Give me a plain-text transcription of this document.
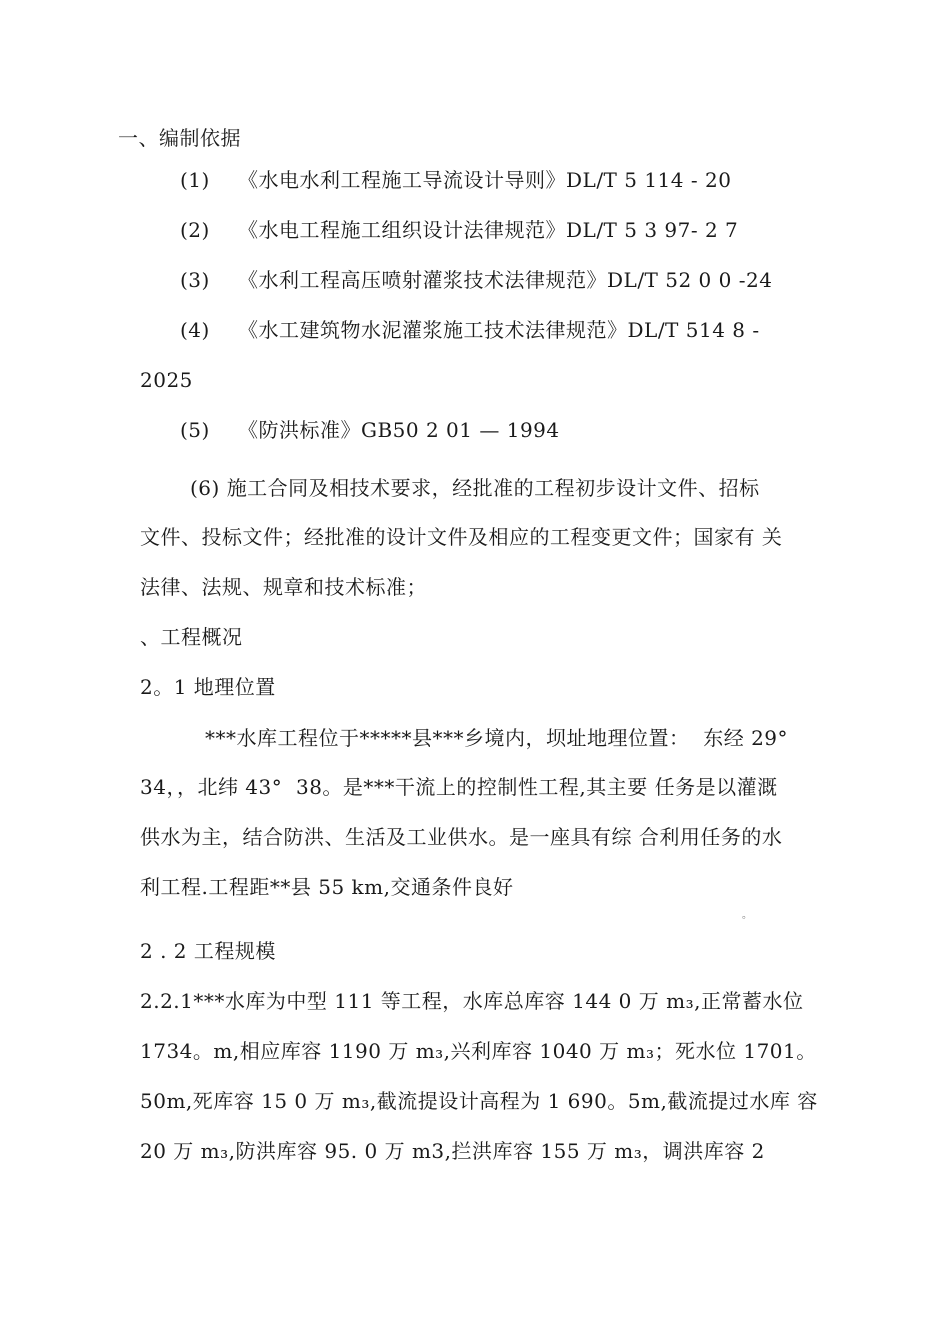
一、编制依据
(1) 《水电水利工程施工导流设计导则》DL/T 5 114 - 20
(2) 《水电工程施工组织设计法律规范》DL/T 5 3 97- 2 7
(3) 《水利工程高压喷射灌浆技术法律规范》DL/T 52 0 0 -24
(4) 《水工建筑物水泥灌浆施工技术法律规范》DL/T 514 8 -
2025
(5) 《防洪标准》GB50 2 01 — 1994
(6) 施工合同及相技术要求，经批准的工程初步设计文件、招标
文件、投标文件；经批准的设计文件及相应的工程变更文件；国家有 关
法律、法规、规章和技术标准；
、工程概况
2。1 地理位置
***水库工程位于*****县***乡境内，坝址地理位置：  东经 29°
34，，北纬 43°  38。是***干流上的控制性工程,其主要 任务是以灌溉
供水为主，结合防洪、生活及工业供水。是一座具有综 合利用任务的水
利工程.工程距**县 55 km,交通条件良好
。
2 . 2 工程规模
2.2.1***水库为中型 111 等工程，水库总库容 144 0 万 m₃,正常蓄水位
1734。m,相应库容 1190 万 m₃,兴利库容 1040 万 m₃；死水位 1701。
50m,死库容 15 0 万 m₃,截流提设计高程为 1 690。5m,截流提过水库 容
20 万 m₃,防洪库容 95. 0 万 m3,拦洪库容 155 万 m₃，调洪库容 2
